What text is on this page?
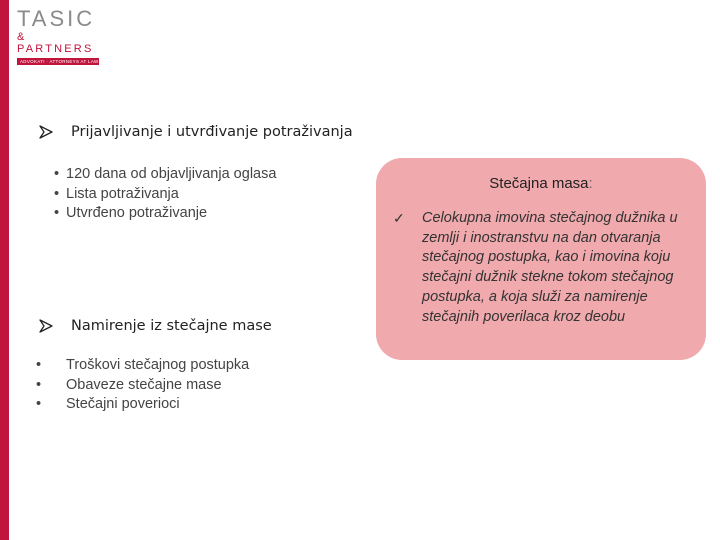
TASIC
& PARTNERS
ADVOKATI · ATTORNEYS AT LAW
Prijavljivanje i utvrđivanje potraživanja
• 120 dana od objavljivanja oglasa
• Lista potraživanja
• Utvrđeno potraživanje
Namirenje iz stečajne mase
•	Troškovi stečajnog postupka
•	Obaveze stečajne mase
•	Stečajni poverioci
Stečajna masa:
✓ Celokupna imovina stečajnog dužnika u zemlji i inostranstvu na dan otvaranja stečajnog postupka, kao i imovina koju stečajni dužnik stekne tokom stečajnog postupka, a koja služi za namirenje stečajnih poverilaca kroz deobu
